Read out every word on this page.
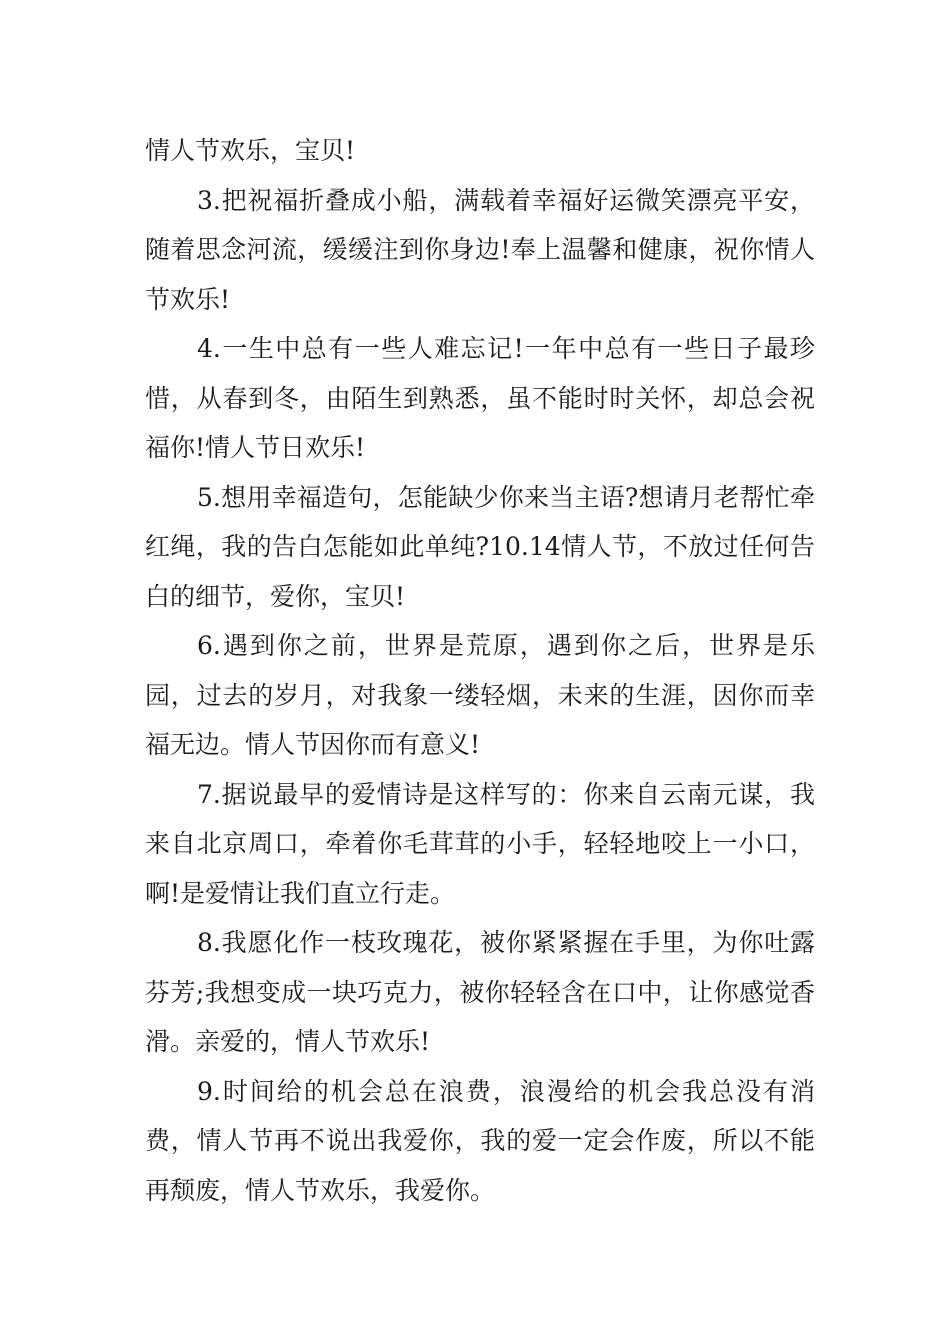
情人节欢乐，宝贝!

3.把祝福折叠成小船，满载着幸福好运微笑漂亮平安，随着思念河流，缓缓注到你身边!奉上温馨和健康，祝你情人节欢乐!

4.一生中总有一些人难忘记!一年中总有一些日子最珍惜，从春到冬，由陌生到熟悉，虽不能时时关怀，却总会祝福你!情人节日欢乐!

5.想用幸福造句，怎能缺少你来当主语?想请月老帮忙牵红绳，我的告白怎能如此单纯?10.14情人节，不放过任何告白的细节，爱你，宝贝!

6.遇到你之前，世界是荒原，遇到你之后，世界是乐园，过去的岁月，对我象一缕轻烟，未来的生涯，因你而幸福无边。情人节因你而有意义!

7.据说最早的爱情诗是这样写的：你来自云南元谋，我来自北京周口，牵着你毛茸茸的小手，轻轻地咬上一小口，啊!是爱情让我们直立行走。

8.我愿化作一枝玫瑰花，被你紧紧握在手里，为你吐露芬芳;我想变成一块巧克力，被你轻轻含在口中，让你感觉香滑。亲爱的，情人节欢乐!

9.时间给的机会总在浪费，浪漫给的机会我总没有消费，情人节再不说出我爱你，我的爱一定会作废，所以不能再颓废，情人节欢乐，我爱你。
